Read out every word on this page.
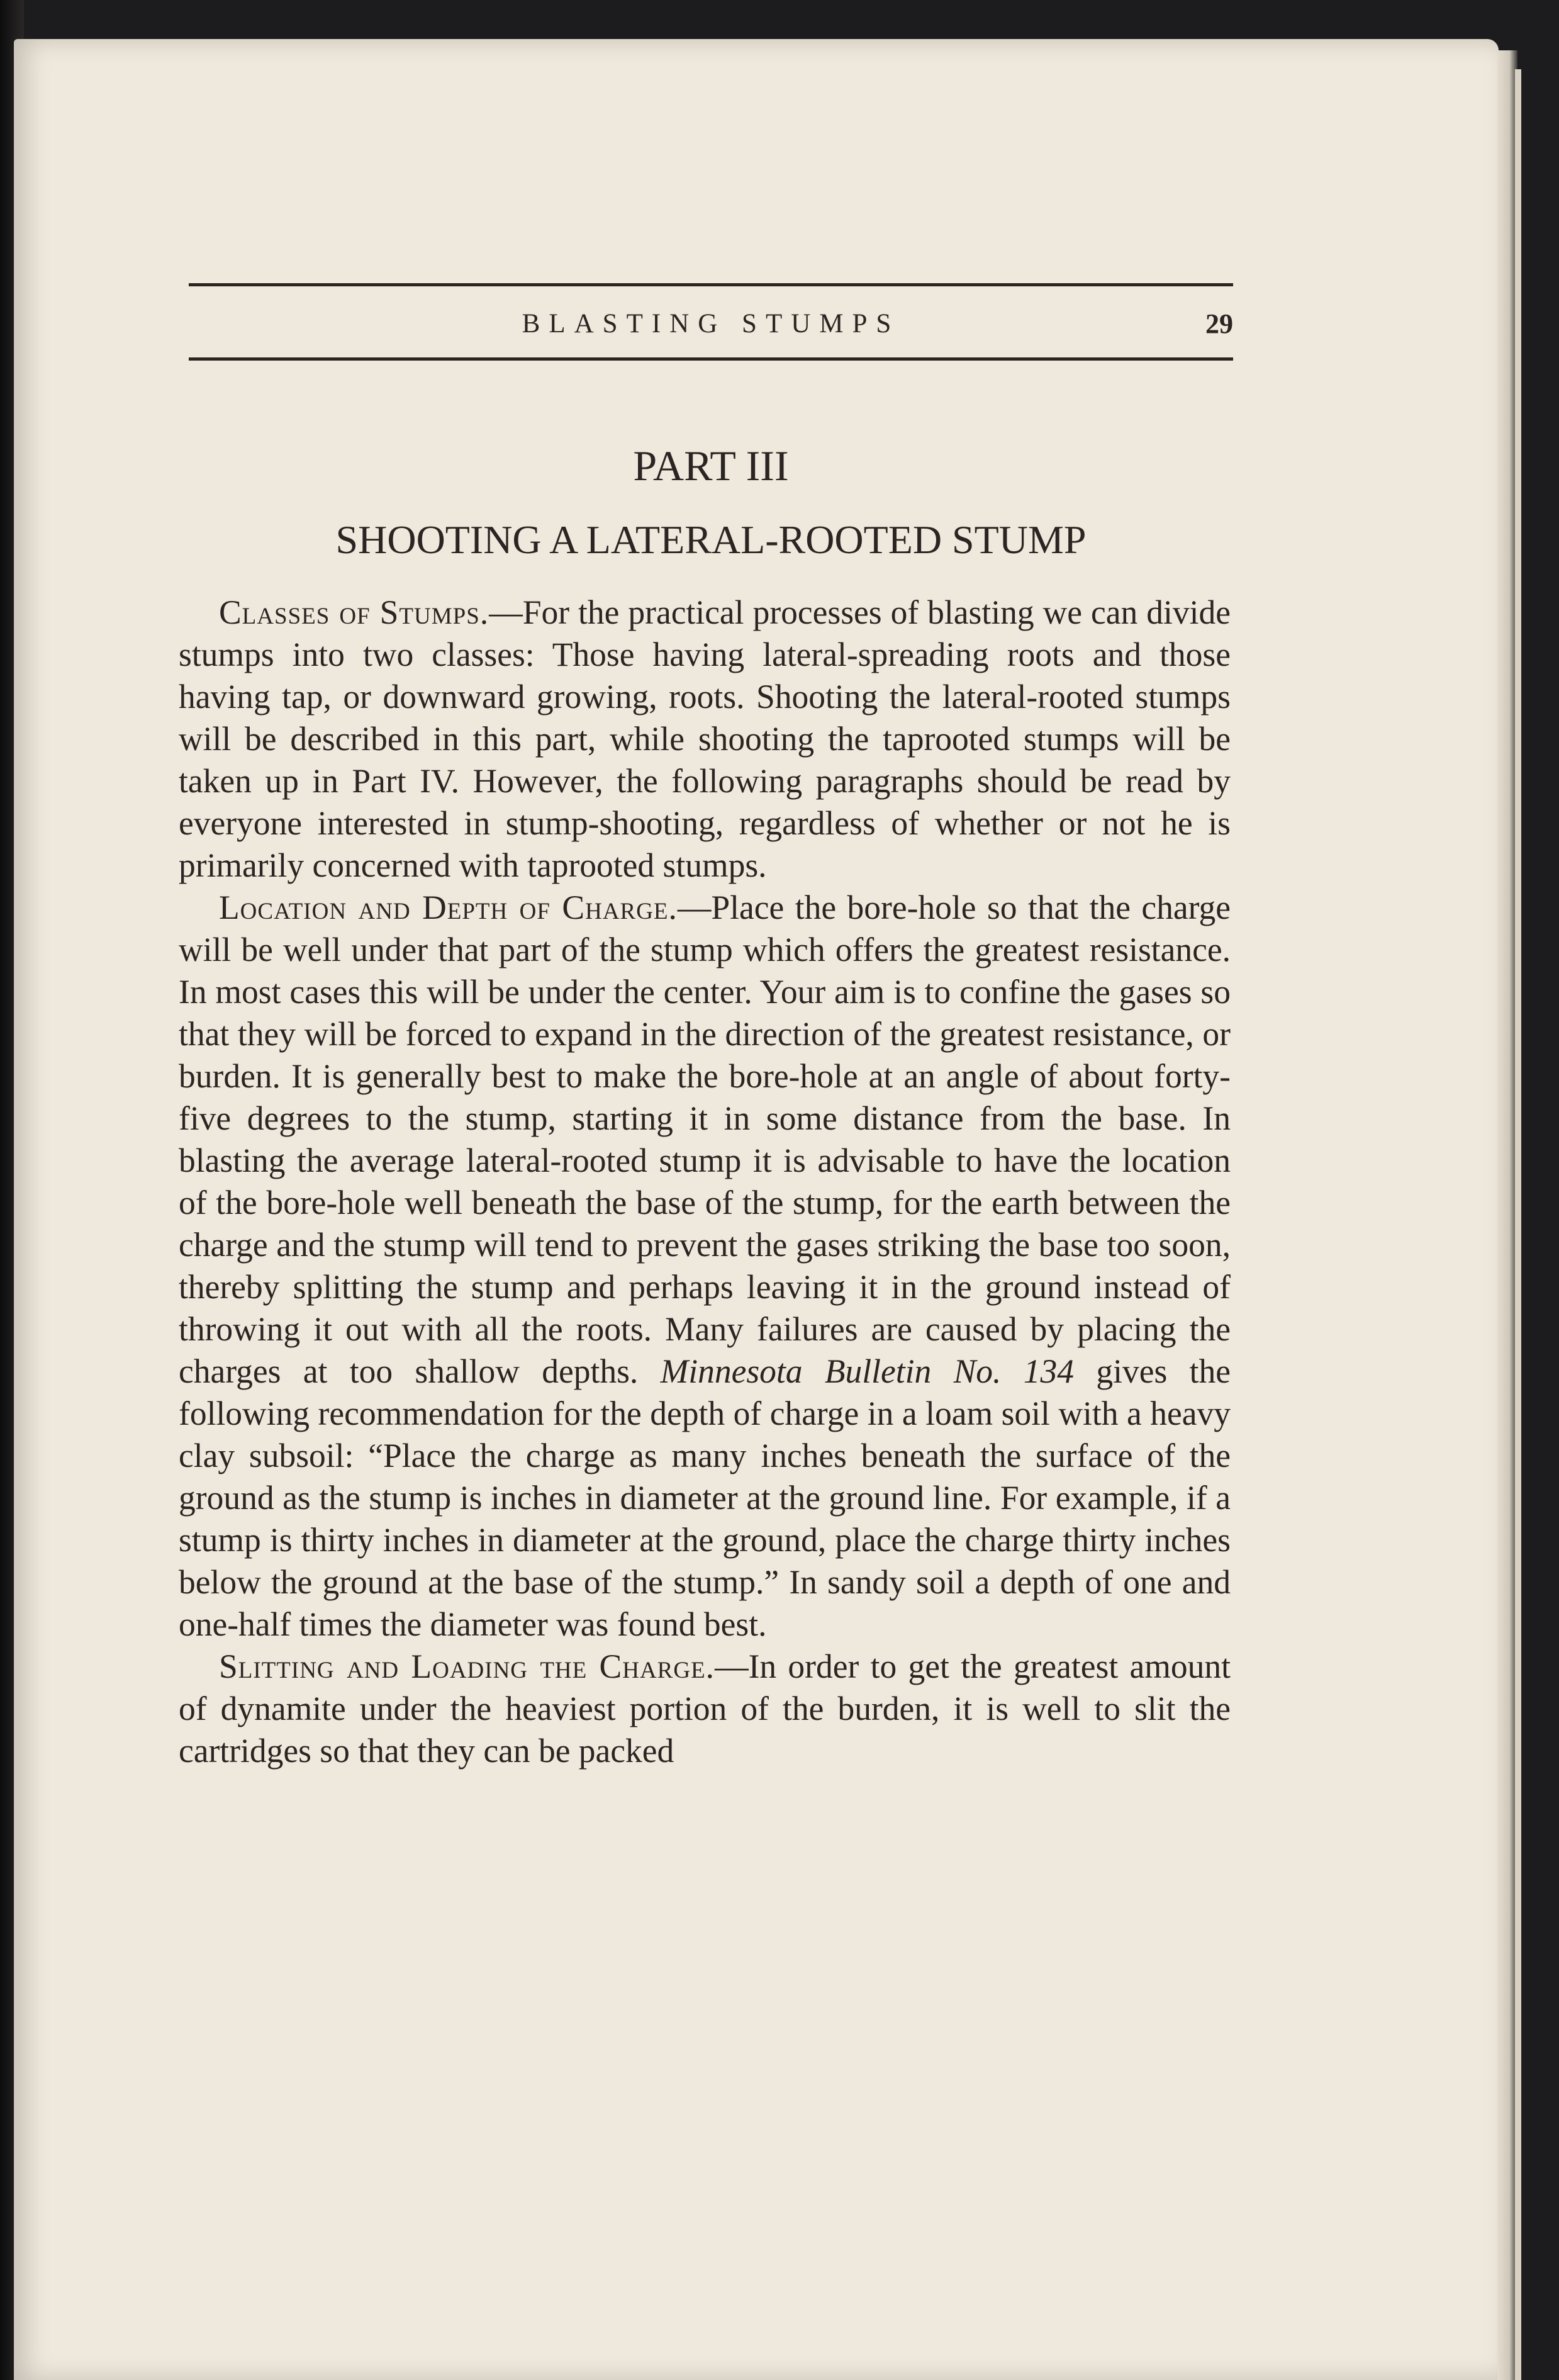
BLASTING STUMPS	29
PART III
SHOOTING A LATERAL-ROOTED STUMP

Classes of Stumps.—For the practical processes of blasting we can divide stumps into two classes: Those having lateral-spreading roots and those having tap, or downward growing, roots. Shooting the lateral-rooted stumps will be described in this part, while shooting the taprooted stumps will be taken up in Part IV. However, the following paragraphs should be read by everyone interested in stump-shooting, regardless of whether or not he is primarily concerned with taprooted stumps.

Location and Depth of Charge.—Place the bore-hole so that the charge will be well under that part of the stump which offers the greatest resistance. In most cases this will be under the center. Your aim is to confine the gases so that they will be forced to expand in the direction of the greatest resistance, or burden. It is generally best to make the bore-hole at an angle of about forty-five degrees to the stump, starting it in some distance from the base. In blasting the average lateral-rooted stump it is advisable to have the location of the bore-hole well beneath the base of the stump, for the earth between the charge and the stump will tend to prevent the gases striking the base too soon, thereby splitting the stump and perhaps leaving it in the ground instead of throwing it out with all the roots. Many failures are caused by placing the charges at too shallow depths. Minnesota Bulletin No. 134 gives the following recommendation for the depth of charge in a loam soil with a heavy clay subsoil: “Place the charge as many inches beneath the surface of the ground as the stump is inches in diameter at the ground line. For example, if a stump is thirty inches in diameter at the ground, place the charge thirty inches below the ground at the base of the stump.” In sandy soil a depth of one and one-half times the diameter was found best.

Slitting and Loading the Charge.—In order to get the greatest amount of dynamite under the heaviest portion of the burden, it is well to slit the cartridges so that they can be packed
